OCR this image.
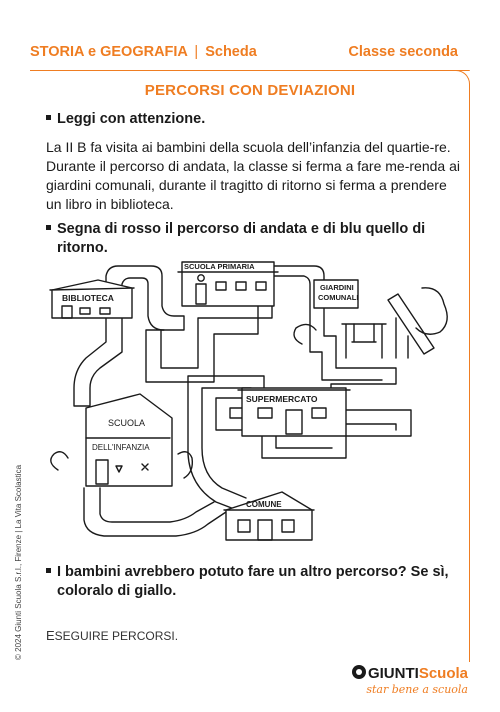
STORIA e GEOGRAFIA | Scheda	Classe seconda
PERCORSI CON DEVIAZIONI
Leggi con attenzione.
La II B fa visita ai bambini della scuola dell’infanzia del quartie-re. Durante il percorso di andata, la classe si ferma a fare me-renda ai giardini comunali, durante il tragitto di ritorno si ferma a prendere un libro in biblioteca.
Segna di rosso il percorso di andata e di blu quello di
ritorno.
BIBLIOTECA
SCUOLA PRIMARIA
GIARDINI
COMUNALI
SUPERMERCATO
SCUOLA
DELL'INFANZIA
COMUNE
I bambini avrebbero potuto fare un altro percorso? Se sì,
coloralo di giallo.
ESEGUIRE PERCORSI.
© 2024 Giunti Scuola S.r.l., Firenze | La Vita Scolastica
GIUNTIScuola
star bene a scuola
